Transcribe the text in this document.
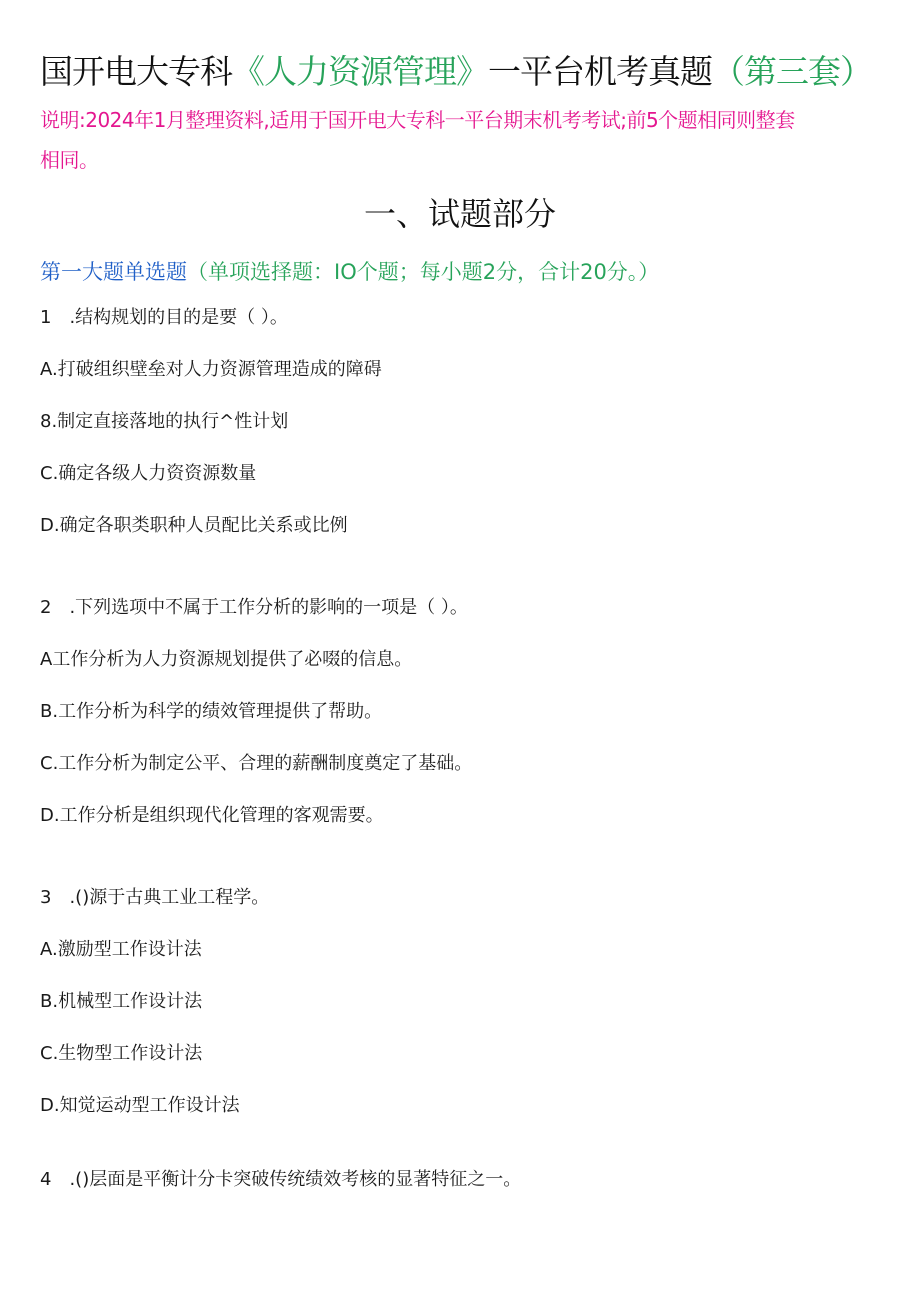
国开电大专科《人力资源管理》一平台机考真题（第三套）
说明:2024年1月整理资料,适用于国开电大专科一平台期末机考考试;前5个题相同则整套
相同。
一、试题部分
第一大题单选题（单项选择题：IO个题；每小题2分，合计20分。）
1　.结构规划的目的是要（ ）。
A.打破组织壁垒对人力资源管理造成的障碍
8.制定直接落地的执行^性计划
C.确定各级人力资资源数量
D.确定各职类职种人员配比关系或比例
2　.下列选项中不属于工作分析的影响的一项是（ ）。
A工作分析为人力资源规划提供了必啜的信息。
B.工作分析为科学的绩效管理提供了帮助。
C.工作分析为制定公平、合理的薪酬制度奠定了基础。
D.工作分析是组织现代化管理的客观需要。
3　.()源于古典工业工程学。
A.激励型工作设计法
B.机械型工作设计法
C.生物型工作设计法
D.知觉运动型工作设计法
4　.()层面是平衡计分卡突破传统绩效考核的显著特征之一。
